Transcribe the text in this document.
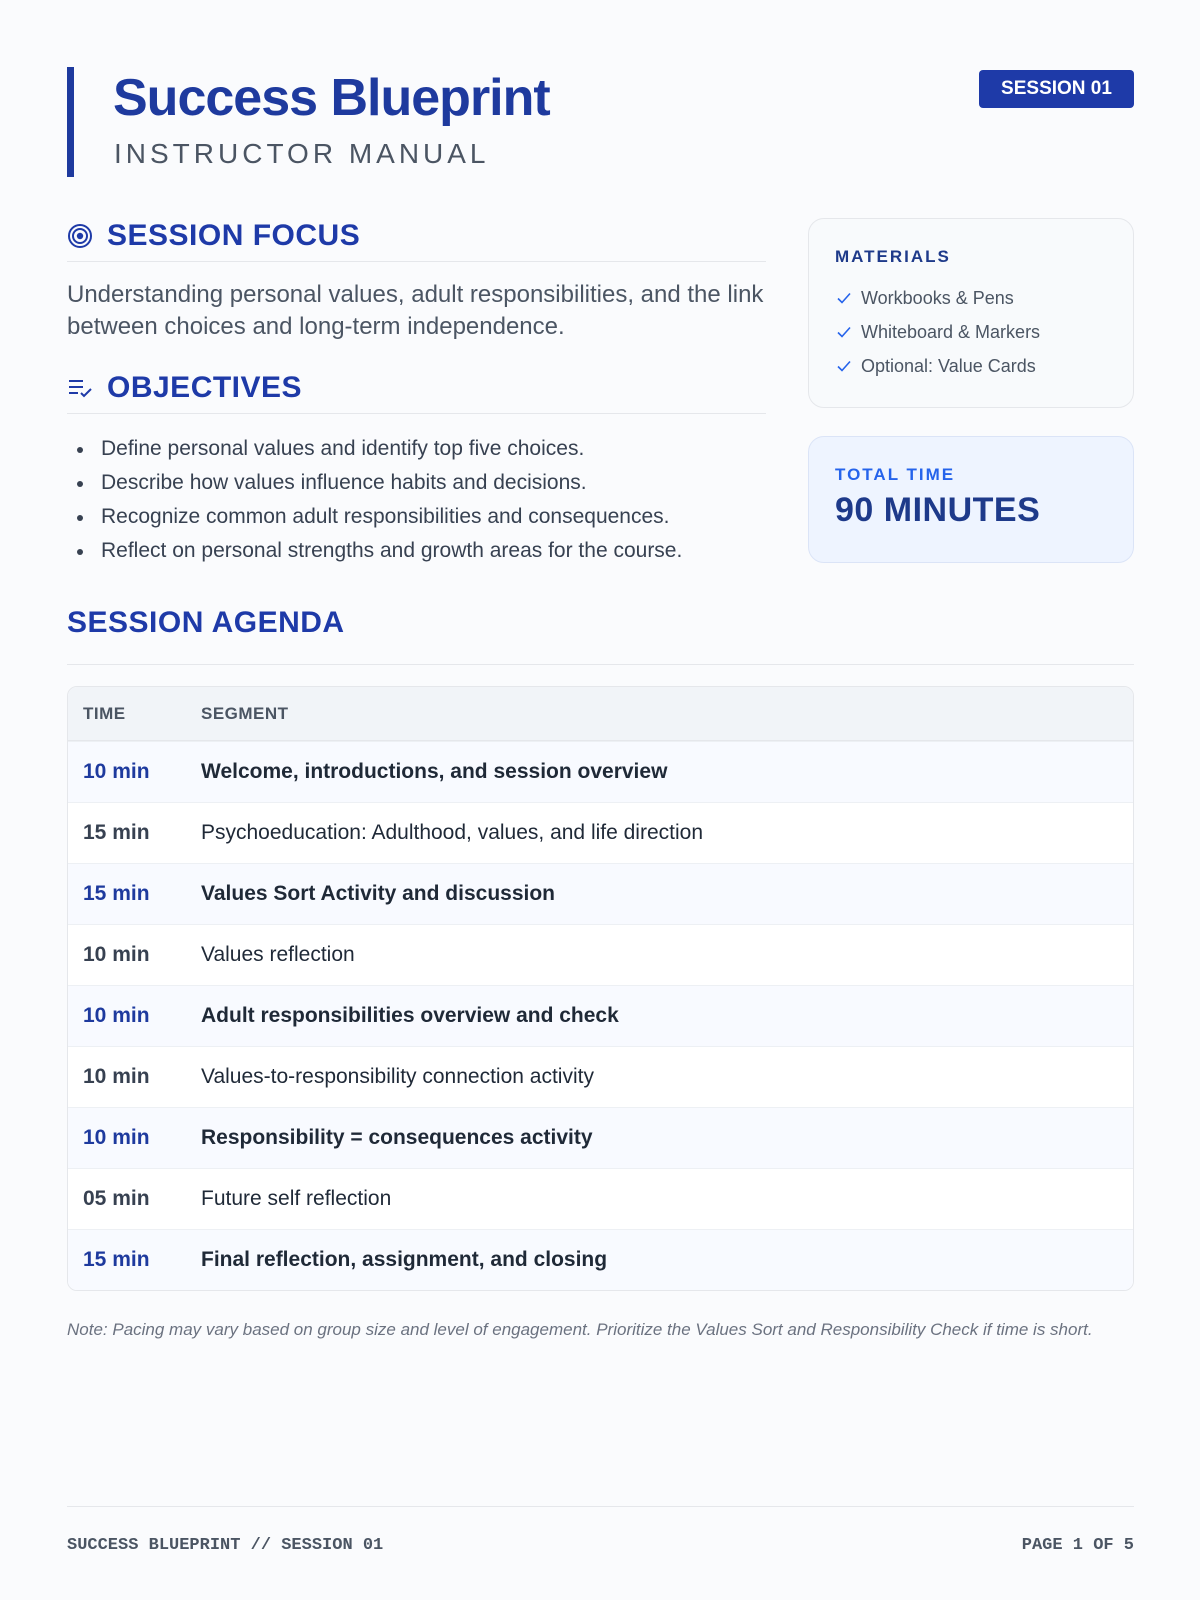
Success Blueprint
INSTRUCTOR MANUAL
SESSION 01
SESSION FOCUS
Understanding personal values, adult responsibilities, and the link between choices and long-term independence.
OBJECTIVES
Define personal values and identify top five choices.
Describe how values influence habits and decisions.
Recognize common adult responsibilities and consequences.
Reflect on personal strengths and growth areas for the course.
MATERIALS
Workbooks & Pens
Whiteboard & Markers
Optional: Value Cards
TOTAL TIME
90 MINUTES
SESSION AGENDA
TIME	SEGMENT
10 min	Welcome, introductions, and session overview
15 min	Psychoeducation: Adulthood, values, and life direction
15 min	Values Sort Activity and discussion
10 min	Values reflection
10 min	Adult responsibilities overview and check
10 min	Values-to-responsibility connection activity
10 min	Responsibility = consequences activity
05 min	Future self reflection
15 min	Final reflection, assignment, and closing
Note: Pacing may vary based on group size and level of engagement. Prioritize the Values Sort and Responsibility Check if time is short.
SUCCESS BLUEPRINT // SESSION 01	PAGE 1 OF 5
